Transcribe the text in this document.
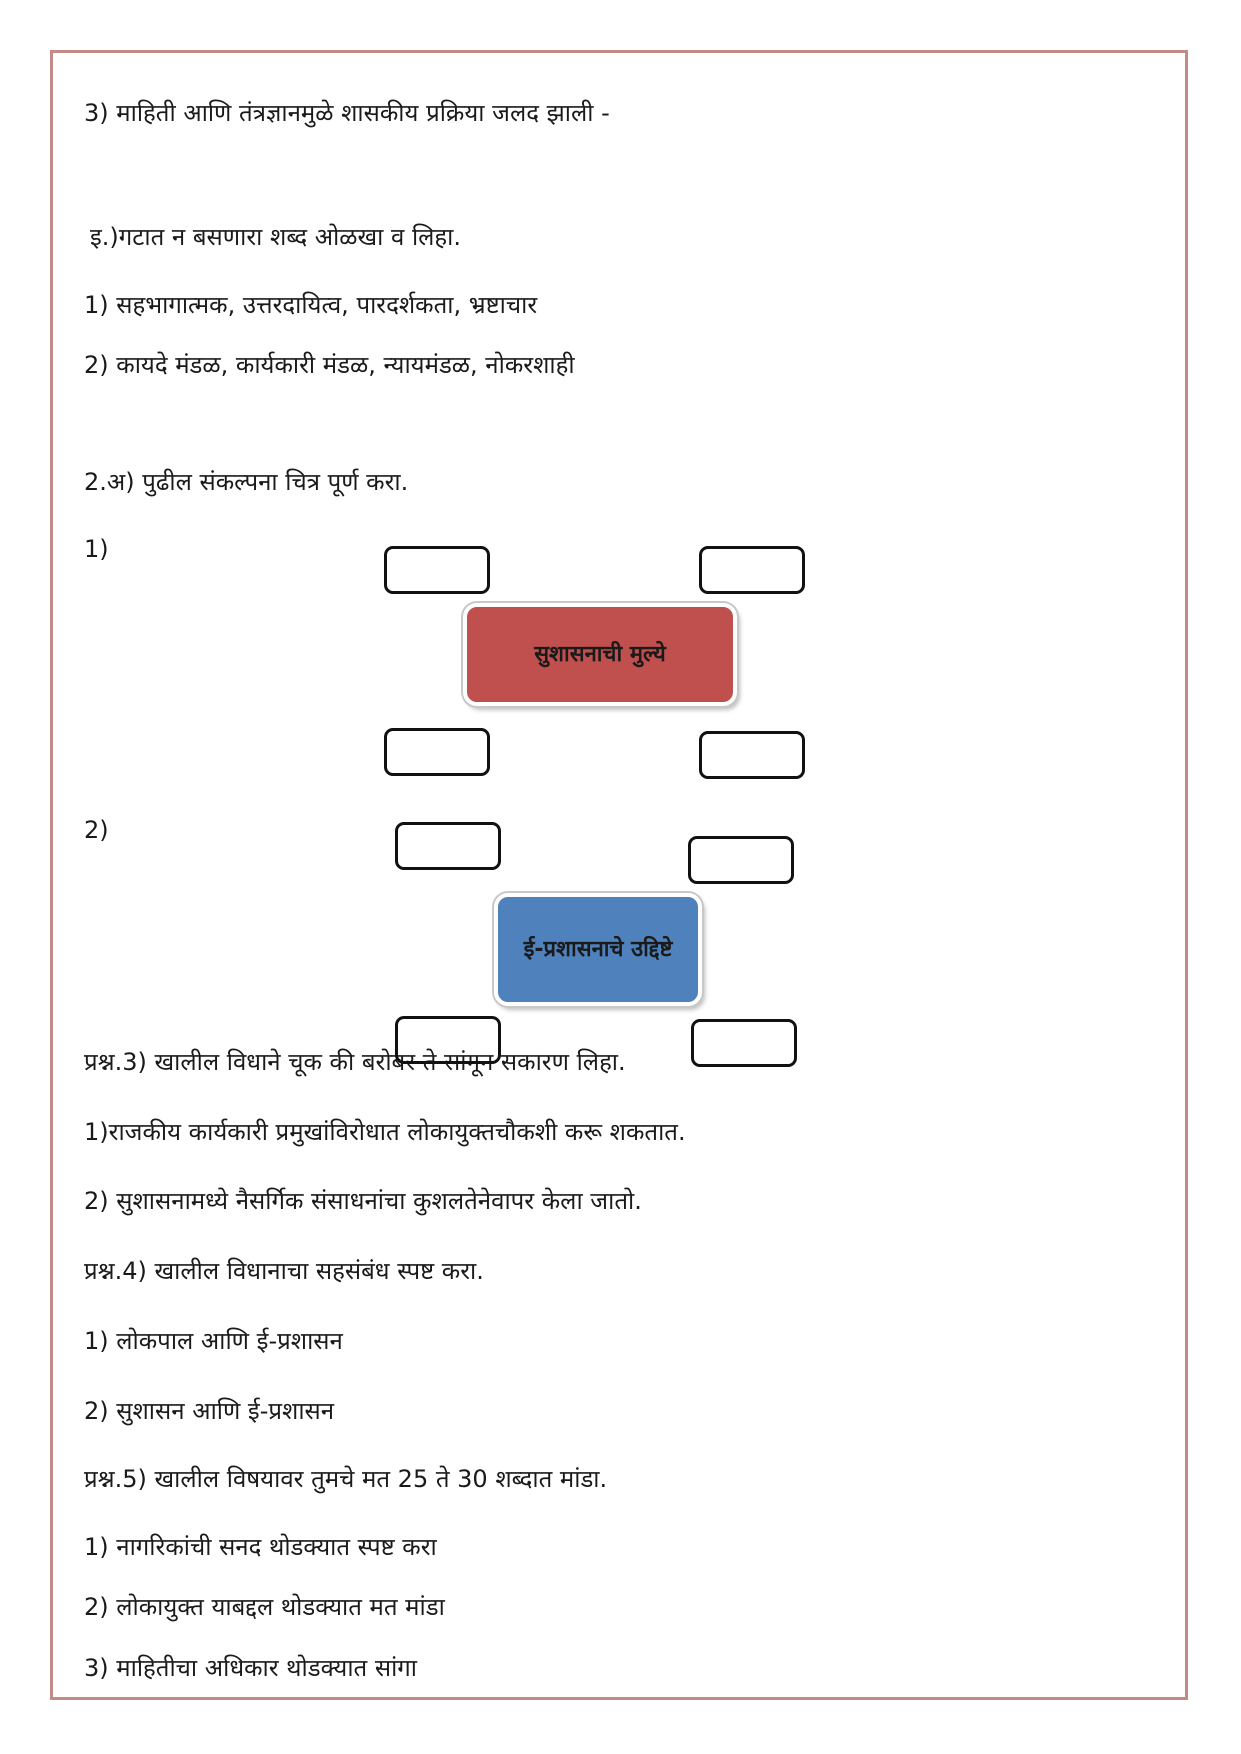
3) माहिती आणि तंत्रज्ञानमुळे शासकीय प्रक्रिया जलद झाली -
इ.)गटात न बसणारा शब्द ओळखा व लिहा.
1) सहभागात्मक, उत्तरदायित्व, पारदर्शकता, भ्रष्टाचार
2) कायदे मंडळ, कार्यकारी मंडळ, न्यायमंडळ, नोकरशाही
2.अ) पुढील संकल्पना चित्र पूर्ण करा.
1)
सुशासनाची मुल्ये
2)
ई-प्रशासनाचे उद्दिष्टे
प्रश्न.3) खालील विधाने चूक की बरोबर ते सांगून सकारण लिहा.
1)राजकीय कार्यकारी प्रमुखांविरोधात लोकायुक्तचौकशी करू शकतात.
2) सुशासनामध्ये नैसर्गिक संसाधनांचा कुशलतेनेवापर केला जातो.
प्रश्न.4) खालील विधानाचा सहसंबंध स्पष्ट करा.
1) लोकपाल आणि ई-प्रशासन
2) सुशासन आणि ई-प्रशासन
प्रश्न.5) खालील विषयावर तुमचे मत 25 ते 30 शब्दात मांडा.
1) नागरिकांची सनद थोडक्यात स्पष्ट करा
2) लोकायुक्त याबद्दल थोडक्यात मत मांडा
3) माहितीचा अधिकार थोडक्यात सांगा
